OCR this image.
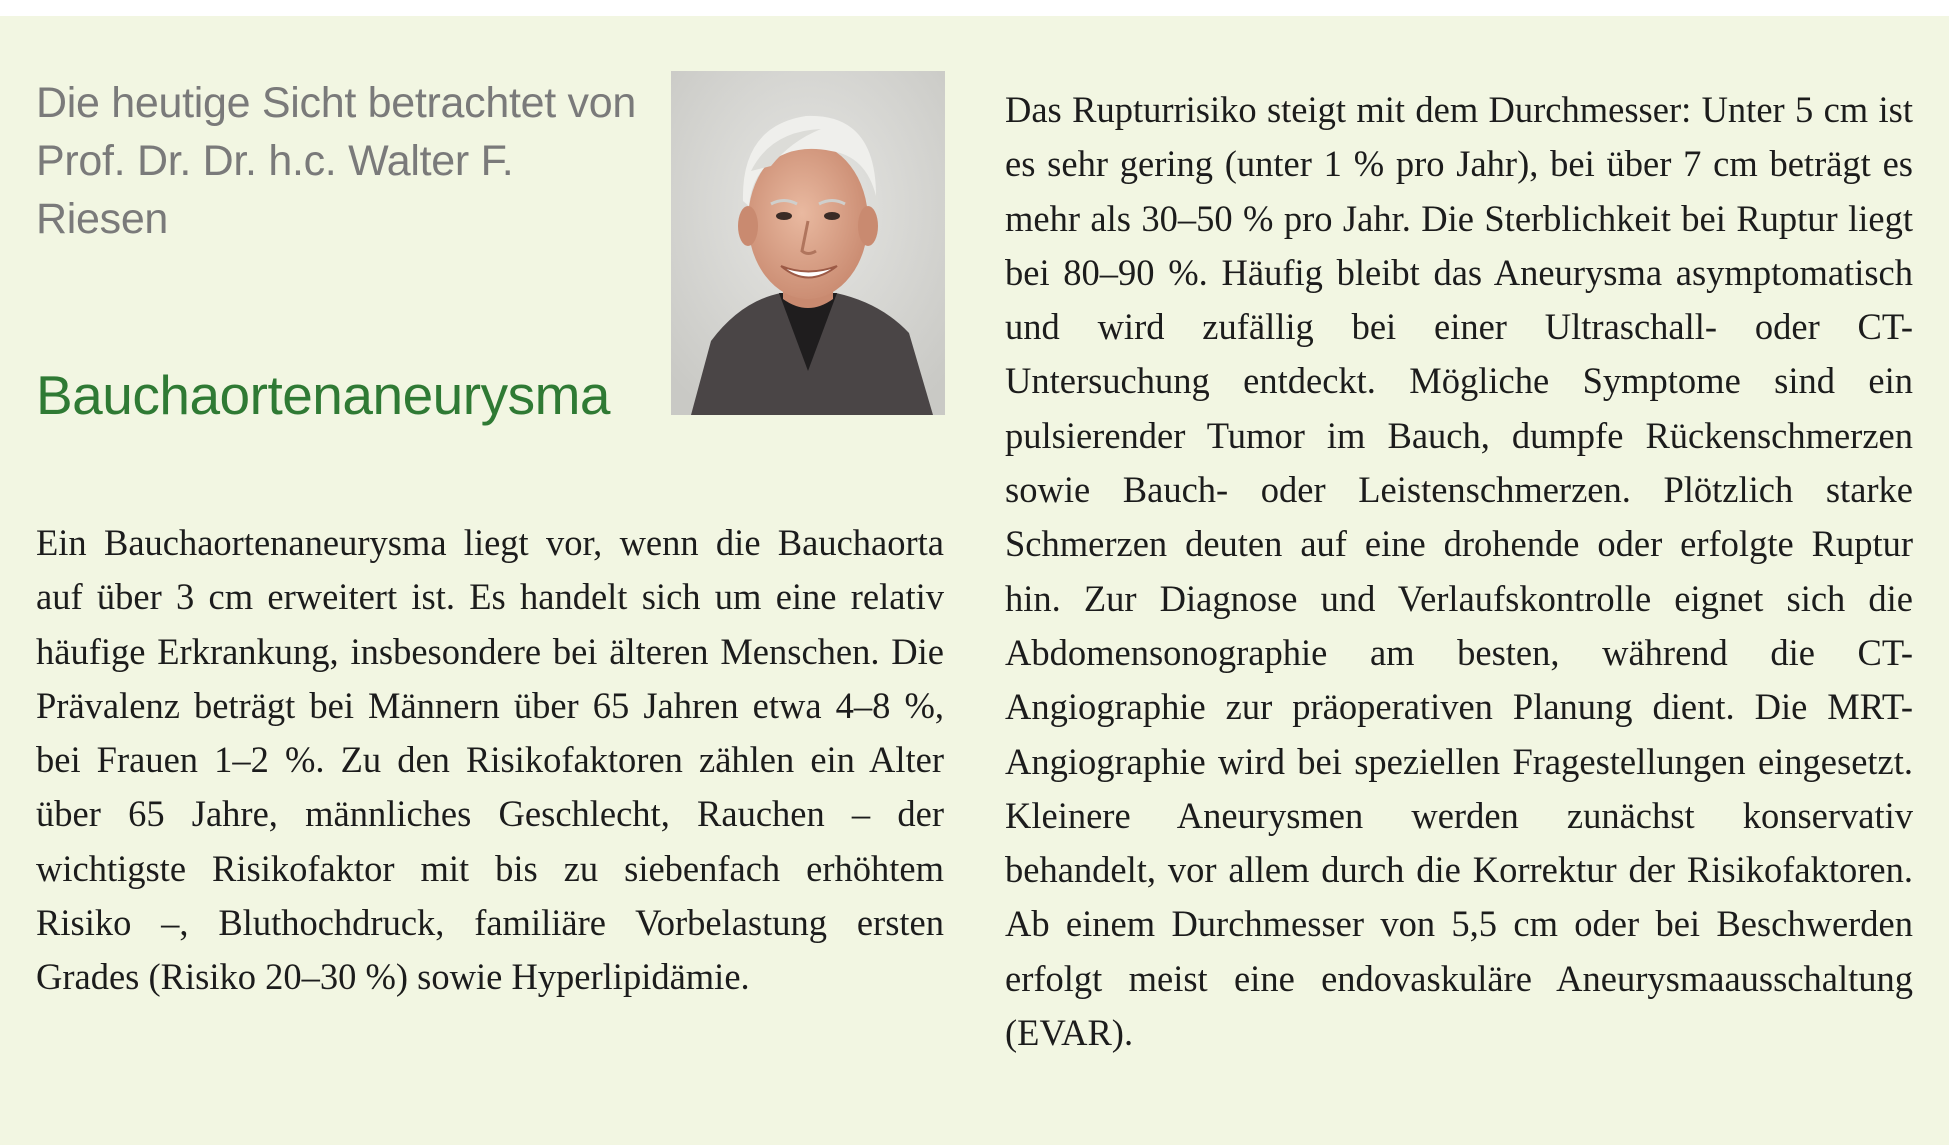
Die heutige Sicht betrachtet von Prof. Dr. Dr. h.c. Walter F. Riesen
Bauchaortenaneurysma

Ein Bauchaortenaneurysma liegt vor, wenn die Bauchaorta auf über 3 cm erweitert ist. Es handelt sich um eine relativ häufige Erkrankung, insbesondere bei älteren Menschen. Die Prävalenz beträgt bei Männern über 65 Jahren etwa 4–8 %, bei Frauen 1–2 %. Zu den Risikofaktoren zählen ein Alter über 65 Jahre, männliches Geschlecht, Rauchen – der wichtigste Risikofaktor mit bis zu siebenfach erhöhtem Risiko –, Bluthochdruck, familiäre Vorbelastung ersten Grades (Risiko 20–30 %) sowie Hyperlipidämie.

Das Rupturrisiko steigt mit dem Durchmesser: Unter 5 cm ist es sehr gering (unter 1 % pro Jahr), bei über 7 cm beträgt es mehr als 30–50 % pro Jahr. Die Sterblichkeit bei Ruptur liegt bei 80–90 %. Häufig bleibt das Aneurysma asymptomatisch und wird zufällig bei einer Ultraschall- oder CT-Untersuchung entdeckt. Mögliche Symptome sind ein pulsierender Tumor im Bauch, dumpfe Rückenschmerzen sowie Bauch- oder Leistenschmerzen. Plötzlich starke Schmerzen deuten auf eine drohende oder erfolgte Ruptur hin. Zur Diagnose und Verlaufskontrolle eignet sich die Abdomensonographie am besten, während die CT-Angiographie zur präoperativen Planung dient. Die MRT-Angiographie wird bei speziellen Fragestellungen eingesetzt. Kleinere Aneurysmen werden zunächst konservativ behandelt, vor allem durch die Korrektur der Risikofaktoren. Ab einem Durchmesser von 5,5 cm oder bei Beschwerden erfolgt meist eine endovaskuläre Aneurysmaausschaltung (EVAR).
